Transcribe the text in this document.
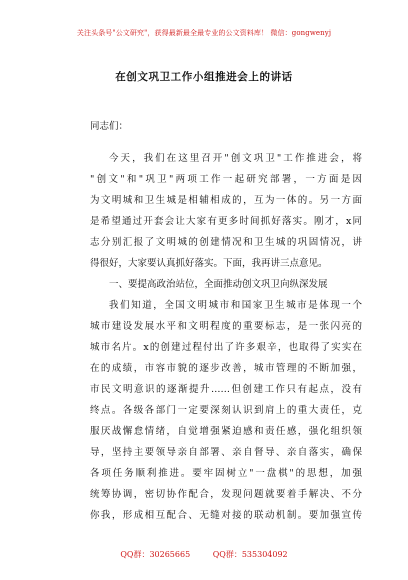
关注头条号"公文研究"，获得最新最全最专业的公文资料库！ 微信：gongwenyj
在创文巩卫工作小组推进会上的讲话
同志们：
今天，我们在这里召开"创文巩卫"工作推进会，将
"创文"和"巩卫"两项工作一起研究部署，一方面是因
为文明城和卫生城是相辅相成的，互为一体的。另一方面
是希望通过开套会让大家有更多时间抓好落实。刚才，x同
志分别汇报了文明城的创建情况和卫生城的巩固情况，讲
得很好，大家要认真抓好落实。下面，我再讲三点意见。
一、要提高政治站位，全面推动创文巩卫向纵深发展
我们知道，全国文明城市和国家卫生城市是体现一个
城市建设发展水平和文明程度的重要标志，是一张闪亮的
城市名片。x的创建过程付出了许多艰辛，也取得了实实在
在的成绩，市容市貌的逐步改善，城市管理的不断加强，
市民文明意识的逐渐提升……但创建工作只有起点，没有
终点。各级各部门一定要深刻认识到肩上的重大责任，克
服厌战懈怠情绪，自觉增强紧迫感和责任感，强化组织领
导，坚持主要领导亲自部署、亲自督导、亲自落实，确保
各项任务顺利推进。要牢固树立"一盘棋"的思想，加强
统筹协调，密切协作配合，发现问题就要着手解决、不分
你我，形成相互配合、无缝对接的联动机制。要加强宣传
QQ群：30265665	QQ群：535304092
